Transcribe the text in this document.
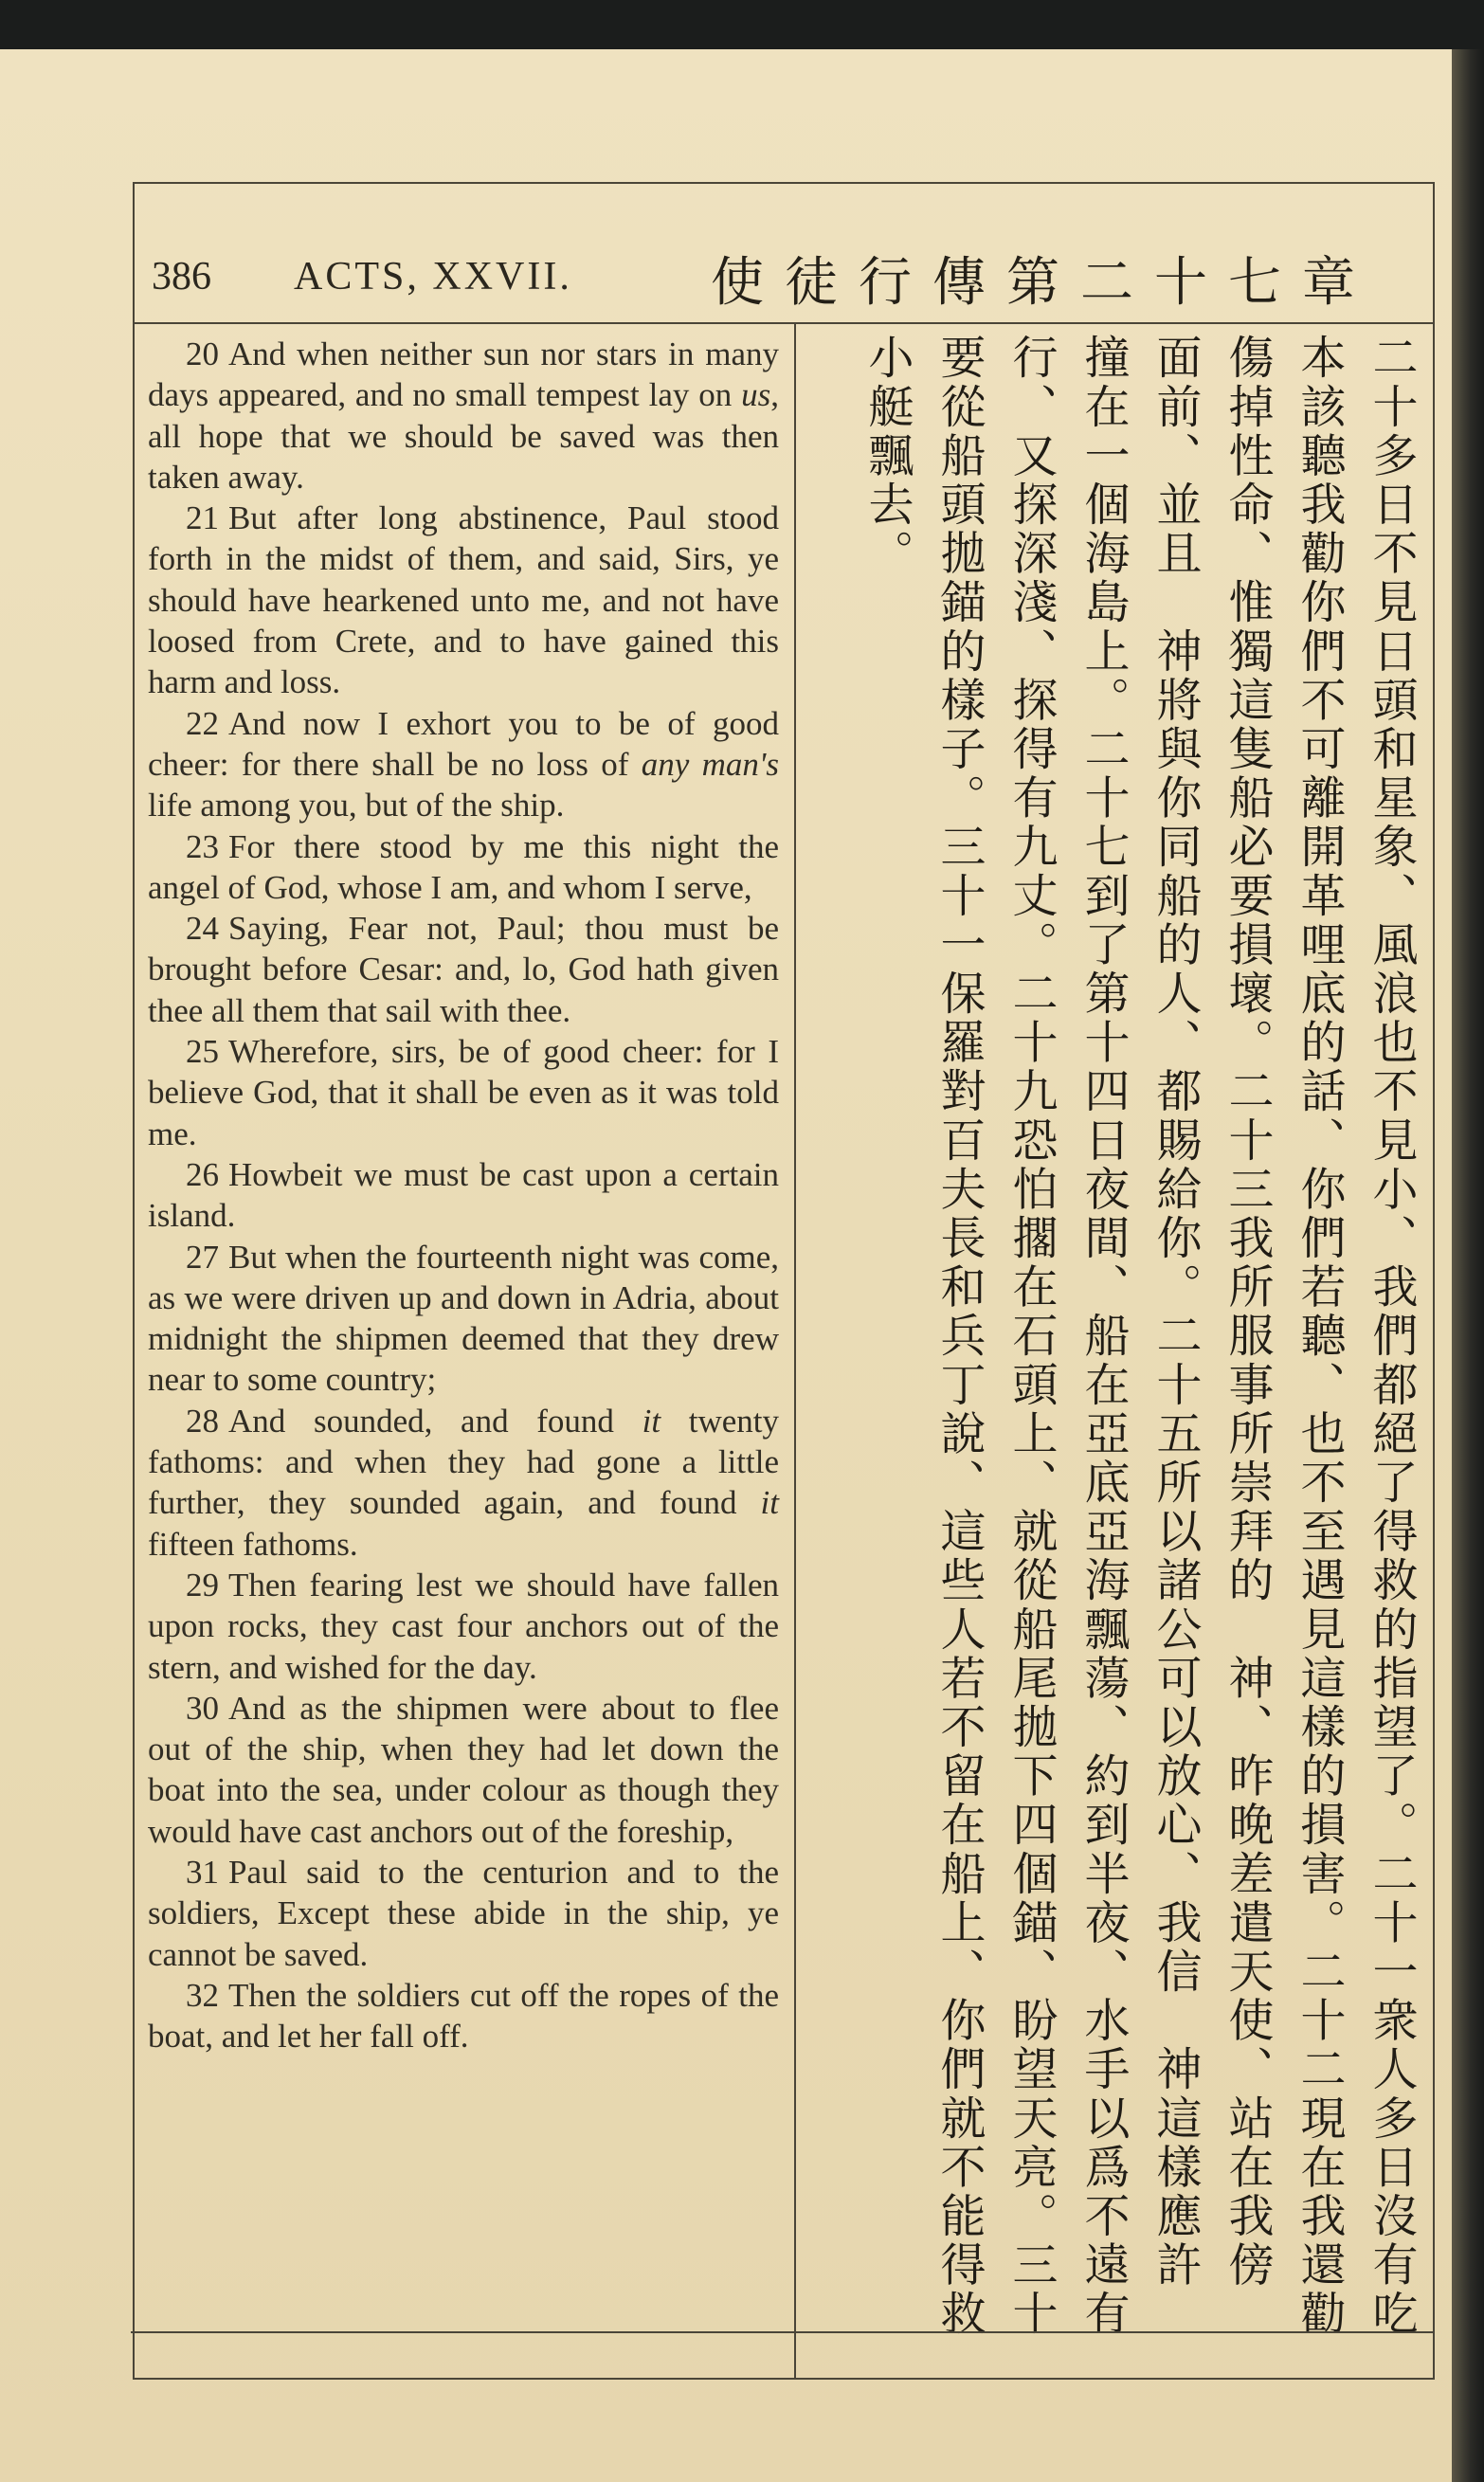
386 ACTS, XXVII.	使徒行傳第二十七章

20 And when neither sun nor stars in many days appeared, and no small tempest lay on us, all hope that we should be saved was then taken away.

21 But after long abstinence, Paul stood forth in the midst of them, and said, Sirs, ye should have hearkened unto me, and not have loosed from Crete, and to have gained this harm and loss.

22 And now I exhort you to be of good cheer: for there shall be no loss of any man's life among you, but of the ship.

23 For there stood by me this night the angel of God, whose I am, and whom I serve,

24 Saying, Fear not, Paul; thou must be brought before Cesar: and, lo, God hath given thee all them that sail with thee.

25 Wherefore, sirs, be of good cheer: for I believe God, that it shall be even as it was told me.

26 Howbeit we must be cast upon a certain island.

27 But when the fourteenth night was come, as we were driven up and down in Adria, about midnight the shipmen deemed that they drew near to some country;

28 And sounded, and found it twenty fathoms: and when they had gone a little further, they sounded again, and found it fifteen fathoms.

29 Then fearing lest we should have fallen upon rocks, they cast four anchors out of the stern, and wished for the day.

30 And as the shipmen were about to flee out of the ship, when they had let down the boat into the sea, under colour as though they would have cast anchors out of the foreship,

31 Paul said to the centurion and to the soldiers, Except these abide in the ship, ye cannot be saved.

32 Then the soldiers cut off the ropes of the boat, and let her fall off.

二十多日不見日頭和星象、風浪也不見小、我們都絕了得救的指望了。二十一衆人多日沒有吃
本該聽我勸你們不可離開革哩底的話、你們若聽、也不至遇見這樣的損害。二十二現在我還勸
傷掉性命、惟獨這隻船必要損壞。二十三我所服事所崇拜的　神、昨晚差遣天使、站在我傍
面前、並且　神將與你同船的人、都賜給你。二十五所以諸公可以放心、我信　神這樣應許
撞在一個海島上。二十七到了第十四日夜間、船在亞底亞海飄蕩、約到半夜、水手以爲不遠有
行、又探深淺、探得有九丈。二十九恐怕擱在石頭上、就從船尾拋下四個錨、盼望天亮。三十
要從船頭拋錨的樣子。三十一保羅對百夫長和兵丁說、這些人若不留在船上、你們就不能得救
小艇飄去。
